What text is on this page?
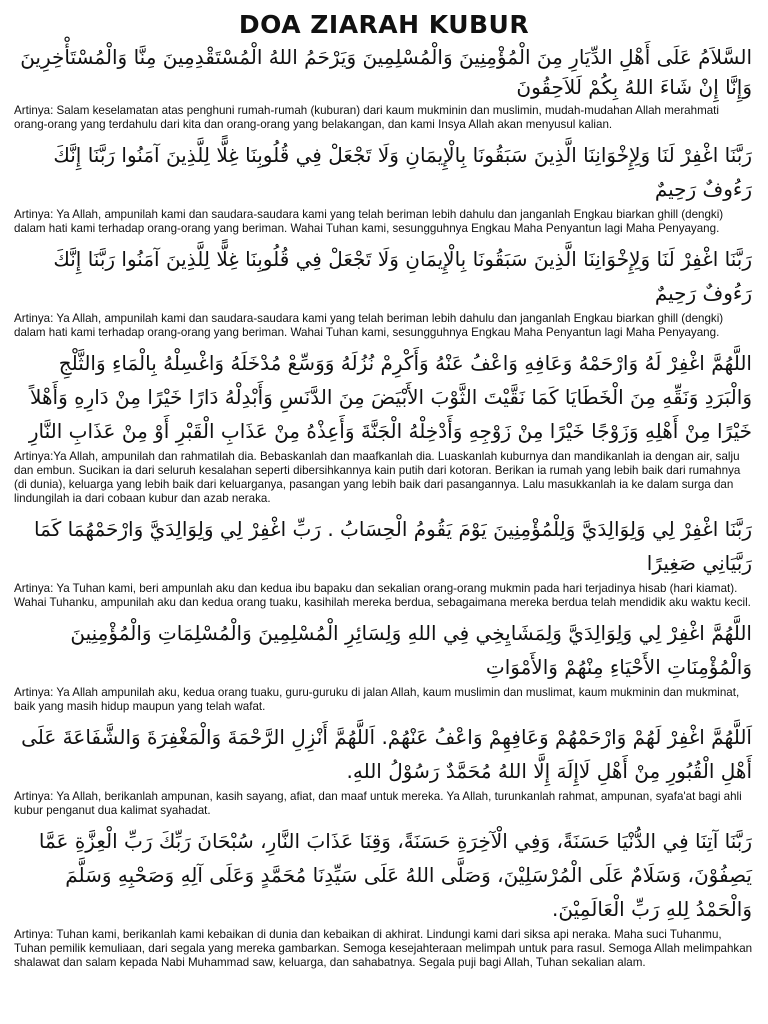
DOA ZIARAH KUBUR

السَّلاَمُ عَلَى أَهْلِ الدِّيَارِ مِنَ الْمُؤْمِنِينَ وَالْمُسْلِمِينَ وَيَرْحَمُ اللهُ الْمُسْتَقْدِمِينَ مِنَّا وَالْمُسْتَأْخِرِينَ وَإِنَّا إِنْ شَاءَ اللهُ بِكُمْ لَلاَحِقُونَ

Artinya: Salam keselamatan atas penghuni rumah-rumah (kuburan) dari kaum mukminin dan muslimin, mudah-mudahan Allah merahmati orang-orang yang terdahulu dari kita dan orang-orang yang belakangan, dan kami Insya Allah akan menyusul kalian.

رَبَّنَا اغْفِرْ لَنَا وَلِإِخْوَانِنَا الَّذِينَ سَبَقُونَا بِالْإِيمَانِ وَلَا تَجْعَلْ فِي قُلُوبِنَا غِلًّا لِلَّذِينَ آمَنُوا رَبَّنَا إِنَّكَ رَءُوفٌ رَحِيمٌ

Artinya: Ya Allah, ampunilah kami dan saudara-saudara kami yang telah beriman lebih dahulu dan janganlah Engkau biarkan ghill (dengki) dalam hati kami terhadap orang-orang yang beriman. Wahai Tuhan kami, sesungguhnya Engkau Maha Penyantun lagi Maha Penyayang.

رَبَّنَا اغْفِرْ لَنَا وَلِإِخْوَانِنَا الَّذِينَ سَبَقُونَا بِالْإِيمَانِ وَلَا تَجْعَلْ فِي قُلُوبِنَا غِلًّا لِلَّذِينَ آمَنُوا رَبَّنَا إِنَّكَ رَءُوفٌ رَحِيمٌ

Artinya: Ya Allah, ampunilah kami dan saudara-saudara kami yang telah beriman lebih dahulu dan janganlah Engkau biarkan ghill (dengki) dalam hati kami terhadap orang-orang yang beriman. Wahai Tuhan kami, sesungguhnya Engkau Maha Penyantun lagi Maha Penyayang.

اللَّهُمَّ اغْفِرْ لَهُ وَارْحَمْهُ وَعَافِهِ وَاعْفُ عَنْهُ وَأَكْرِمْ نُزُلَهُ وَوَسِّعْ مُدْخَلَهُ وَاغْسِلْهُ بِالْمَاءِ وَالثَّلْجِ وَالْبَرَدِ وَنَقِّهِ مِنَ الْخَطَايَا كَمَا نَقَّيْتَ الثَّوْبَ الأَبْيَضَ مِنَ الدَّنَسِ وَأَبْدِلْهُ دَارًا خَيْرًا مِنْ دَارِهِ وَأَهْلاً خَيْرًا مِنْ أَهْلِهِ وَزَوْجًا خَيْرًا مِنْ زَوْجِهِ وَأَدْخِلْهُ الْجَنَّةَ وَأَعِذْهُ مِنْ عَذَابِ الْقَبْرِ أَوْ مِنْ عَذَابِ النَّارِ

Artinya:Ya Allah, ampunilah dan rahmatilah dia. Bebaskanlah dan maafkanlah dia. Luaskanlah kuburnya dan mandikanlah ia dengan air, salju dan embun. Sucikan ia dari seluruh kesalahan seperti dibersihkannya kain putih dari kotoran. Berikan ia rumah yang lebih baik dari rumahnya (di dunia), keluarga yang lebih baik dari keluarganya, pasangan yang lebih baik dari pasangannya. Lalu masukkanlah ia ke dalam surga dan lindungilah ia dari cobaan kubur dan azab neraka.

رَبَّنَا اغْفِرْ لِي وَلِوَالِدَيَّ وَلِلْمُؤْمِنِينَ يَوْمَ يَقُومُ الْحِسَابُ . رَبِّ اغْفِرْ لِي وَلِوَالِدَيَّ وَارْحَمْهُمَا كَمَا رَبَّيَانِي صَغِيرًا

Artinya: Ya Tuhan kami, beri ampunlah aku dan kedua ibu bapaku dan sekalian orang-orang mukmin pada hari terjadinya hisab (hari kiamat). Wahai Tuhanku, ampunilah aku dan kedua orang tuaku, kasihilah mereka berdua, sebagaimana mereka berdua telah mendidik aku waktu kecil.

اللَّهُمَّ اغْفِرْ لِي وَلِوَالِدَيَّ وَلِمَشَايِخِي فِي اللهِ وَلِسَائِرِ الْمُسْلِمِينَ وَالْمُسْلِمَاتِ وَالْمُؤْمِنِينَ وَالْمُؤْمِنَاتِ الأَحْيَاءِ مِنْهُمْ وَالأَمْوَاتِ

Artinya: Ya Allah ampunilah aku, kedua orang tuaku, guru-guruku di jalan Allah, kaum muslimin dan muslimat, kaum mukminin dan mukminat, baik yang masih hidup maupun yang telah wafat.

اَللَّهُمَّ اغْفِرْ لَهُمْ وَارْحَمْهُمْ وَعَافِهِمْ وَاعْفُ عَنْهُمْ. اَللَّهُمَّ أَنْزِلِ الرَّحْمَةَ وَالْمَغْفِرَةَ وَالشَّفَاعَةَ عَلَى أَهْلِ الْقُبُورِ مِنْ أَهْلِ لَاإِلَهَ إِلَّا اللهُ مُحَمَّدٌ رَسُوْلُ اللهِ.

Artinya: Ya Allah, berikanlah ampunan, kasih sayang, afiat, dan maaf untuk mereka. Ya Allah, turunkanlah rahmat, ampunan, syafa'at bagi ahli kubur penganut dua kalimat syahadat.

رَبَّنَا آتِنَا فِي الدُّنْيَا حَسَنَةً، وَفِي الْآخِرَةِ حَسَنَةً، وَقِنَا عَذَابَ النَّارِ، سُبْحَانَ رَبِّكَ رَبِّ الْعِزَّةِ عَمَّا يَصِفُوْنَ، وَسَلَامٌ عَلَى الْمُرْسَلِيْنَ، وَصَلَّى اللهُ عَلَى سَيِّدِنَا مُحَمَّدٍ وَعَلَى آلِهِ وَصَحْبِهِ وَسَلَّمَ وَالْحَمْدُ لِلهِ رَبِّ الْعَالَمِيْنَ.

Artinya: Tuhan kami, berikanlah kami kebaikan di dunia dan kebaikan di akhirat. Lindungi kami dari siksa api neraka. Maha suci Tuhanmu, Tuhan pemilik kemuliaan, dari segala yang mereka gambarkan. Semoga kesejahteraan melimpah untuk para rasul. Semoga Allah melimpahkan shalawat dan salam kepada Nabi Muhammad saw, keluarga, dan sahabatnya. Segala puji bagi Allah, Tuhan sekalian alam.
